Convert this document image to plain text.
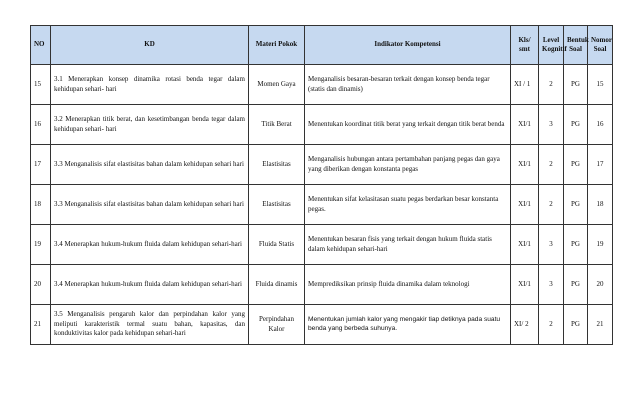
NO	KD	Materi Pokok	Indikator Kompetensi	Kls/ smt	Level Kognitif	Bentuk Soal	Nomor Soal
15	3.1 Menerapkan konsep dinamika rotasi benda tegar dalam kehidupan sehari- hari	Momen Gaya	Menganalisis besaran-besaran terkait dengan konsep benda tegar (statis dan dinamis)	XI / 1	2	PG	15
16	3.2 Menerapkan titik berat, dan kesetimbangan benda tegar dalam kehidupan sehari- hari	Titik Berat	Menentukan koordinat titik berat yang terkait dengan titik berat benda	XI/1	3	PG	16
17	3.3 Menganalisis sifat elastisitas bahan dalam kehidupan sehari hari	Elastisitas	Menganalisis hubungan antara pertambahan panjang pegas dan gaya yang diberikan dengan konstanta pegas	XI/1	2	PG	17
18	3.3 Menganalisis sifat elastisitas bahan dalam kehidupan sehari hari	Elastisitas	Menentukan sifat kelasitasan suatu pegas berdarkan besar konstanta pegas.	XI/1	2	PG	18
19	3.4 Menerapkan hukum-hukum fluida dalam kehidupan sehari-hari	Fluida Statis	Menentukan besaran fisis yang terkait dengan hukum fluida statis dalam kehidupan sehari-hari	XI/1	3	PG	19
20	3.4 Menerapkan hukum-hukum fluida dalam kehidupan sehari-hari	Fluida dinamis	Memprediksikan prinsip fluida dinamika dalam teknologi	XI/1	3	PG	20
21	3.5 Menganalisis pengaruh kalor dan perpindahan kalor yang meliputi karakteristik termal suatu bahan, kapasitas, dan konduktivitas kalor pada kehidupan sehari-hari	Perpindahan Kalor	Menentukan jumlah kalor yang mengakir tiap detiknya pada suatu benda yang berbeda suhunya.	XI/ 2	2	PG	21
